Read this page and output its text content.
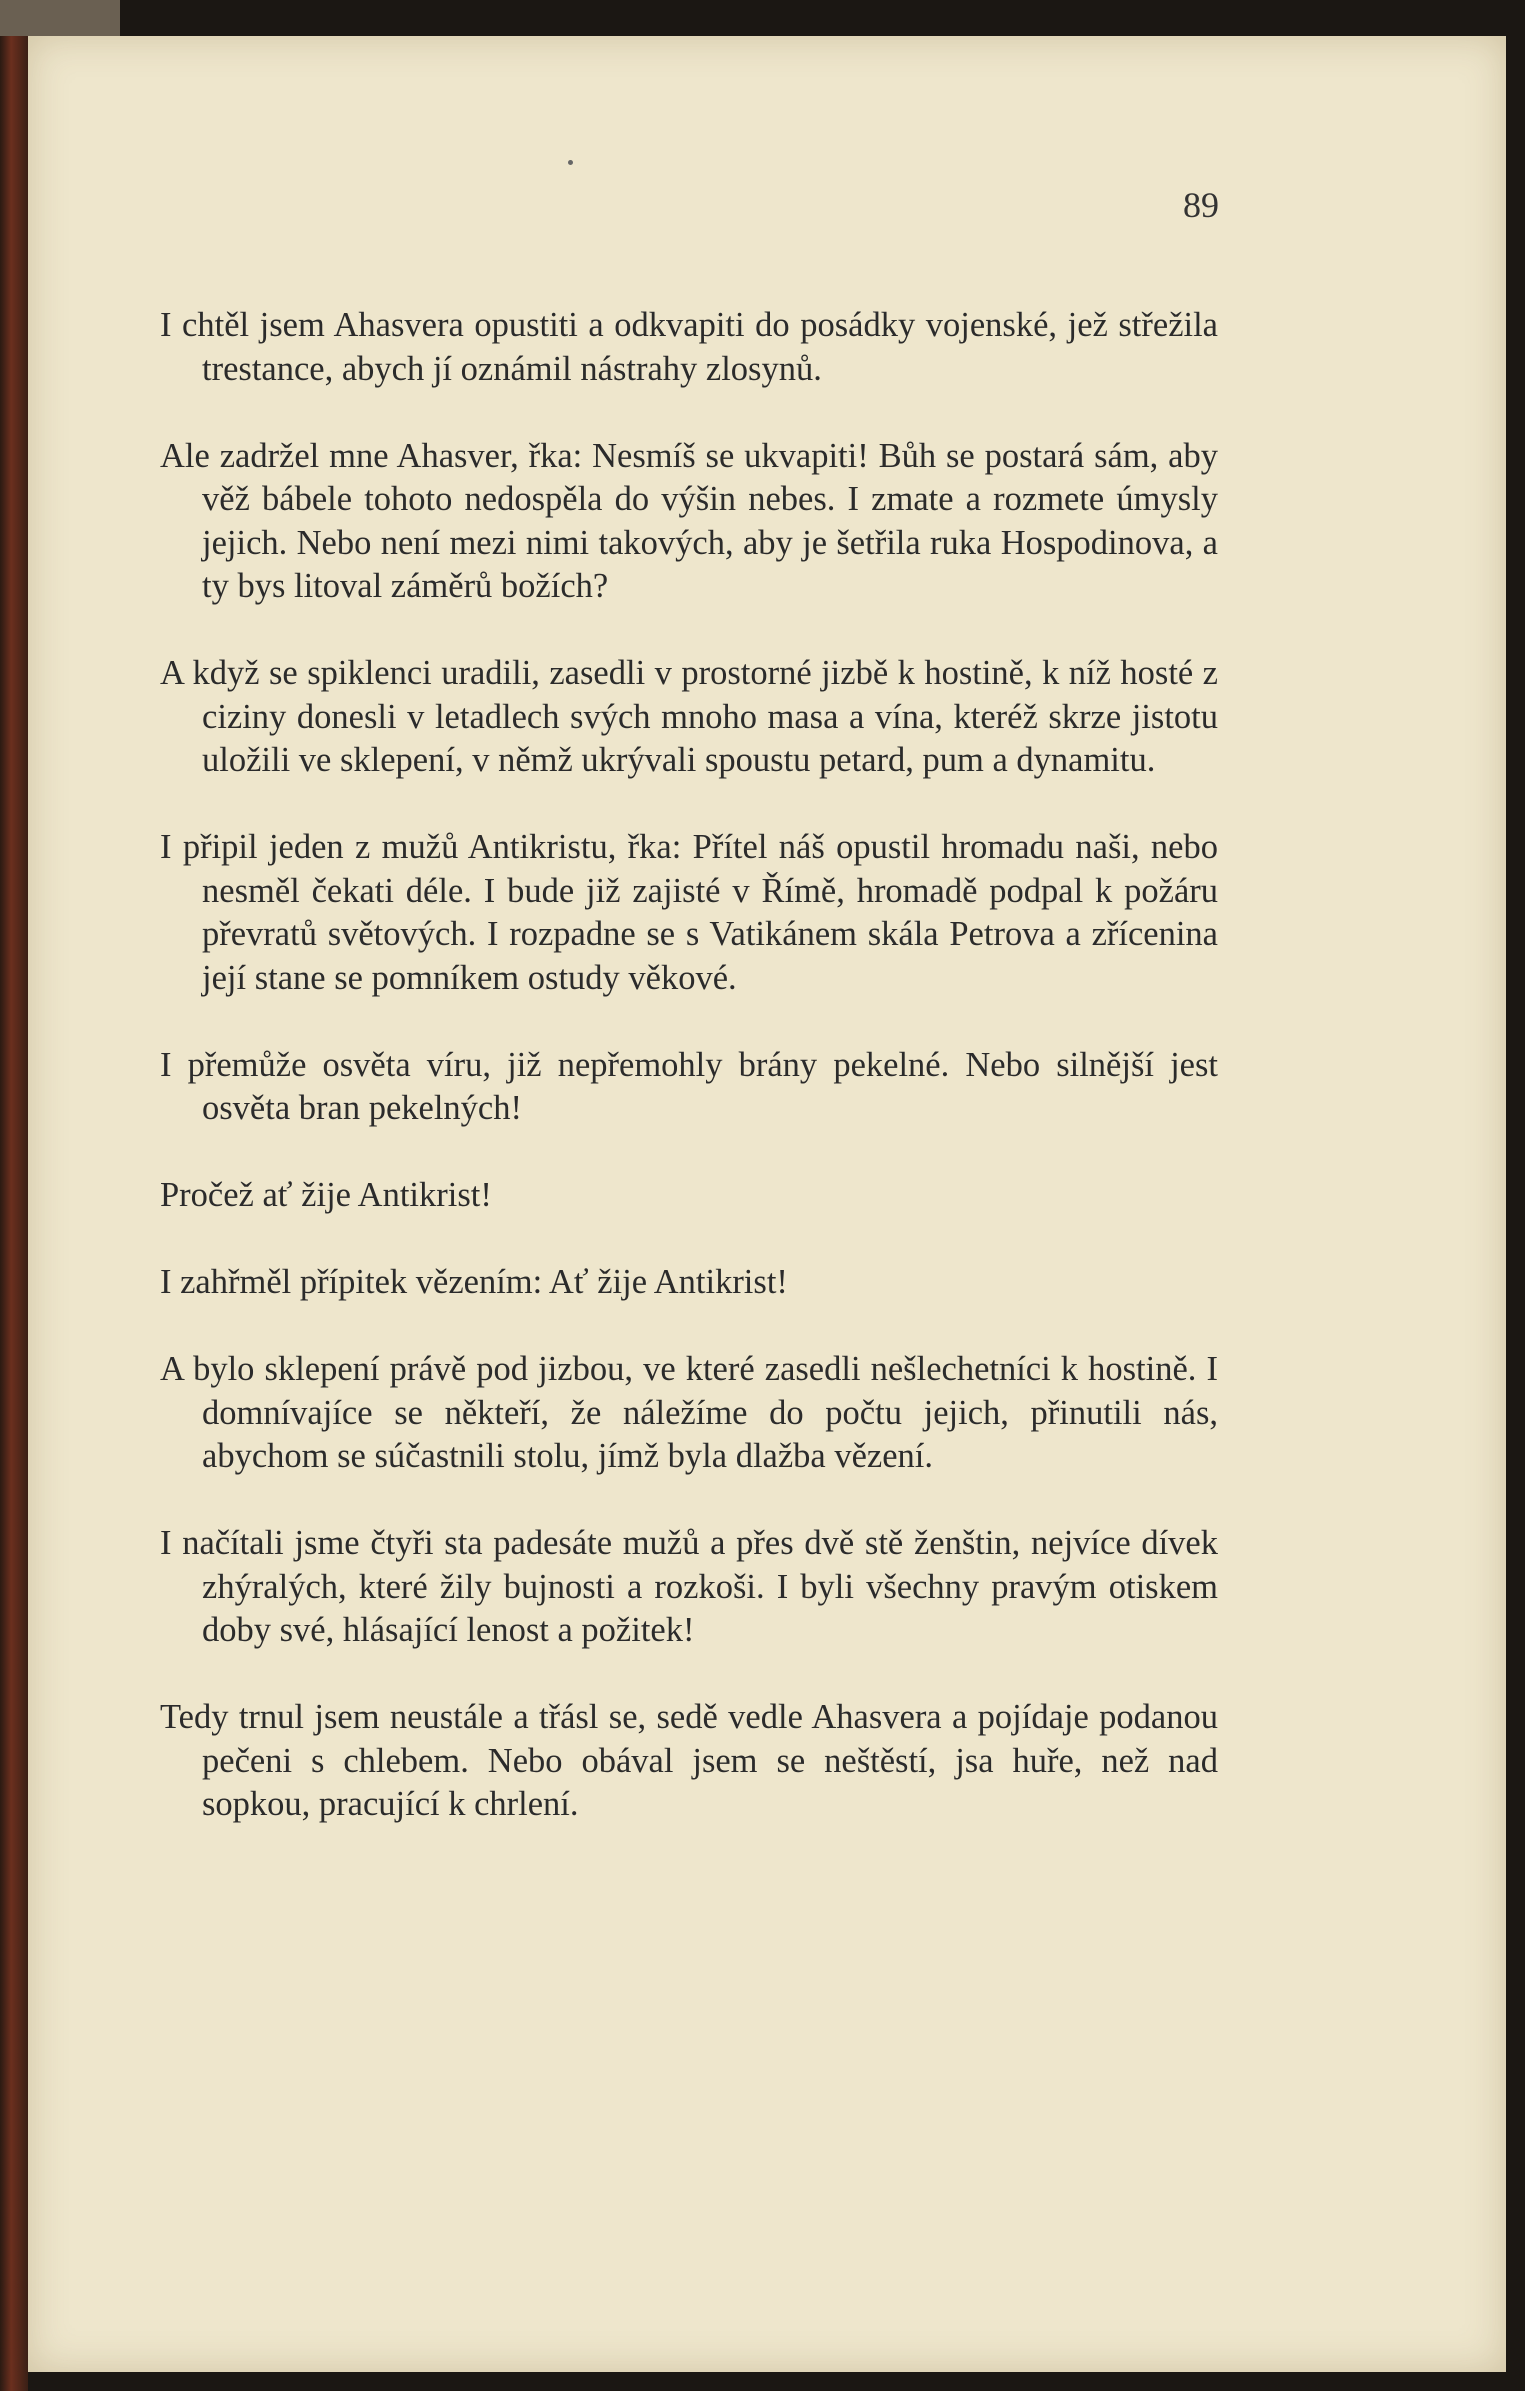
89

I chtěl jsem Ahasvera opustiti a odkvapiti do posádky vojenské, jež střežila trestance, abych jí oznámil nástrahy zlosynů.

Ale zadržel mne Ahasver, řka: Nesmíš se ukvapiti! Bůh se postará sám, aby věž bábele tohoto nedospěla do výšin nebes. I zmate a rozmete úmysly jejich. Nebo není mezi nimi takových, aby je šetřila ruka Hospodinova, a ty bys litoval záměrů božích?

A když se spiklenci uradili, zasedli v prostorné jizbě k hostině, k níž hosté z ciziny donesli v letadlech svých mnoho masa a vína, kteréž skrze jistotu uložili ve sklepení, v němž ukrývali spoustu petard, pum a dynamitu.

I připil jeden z mužů Antikristu, řka: Přítel náš opustil hromadu naši, nebo nesměl čekati déle. I bude již zajisté v Římě, hromadě podpal k požáru převratů světových. I rozpadne se s Vatikánem skála Petrova a zřícenina její stane se pomníkem ostudy věkové.

I přemůže osvěta víru, již nepřemohly brány pekelné. Nebo silnější jest osvěta bran pekelných!

Pročež ať žije Antikrist!

I zahřměl přípitek vězením: Ať žije Antikrist!

A bylo sklepení právě pod jizbou, ve které zasedli nešlechetníci k hostině. I domnívajíce se někteří, že náležíme do počtu jejich, přinutili nás, abychom se súčastnili stolu, jímž byla dlažba vězení.

I načítali jsme čtyři sta padesáte mužů a přes dvě stě ženštin, nejvíce dívek zhýralých, které žily bujnosti a rozkoši. I byli všechny pravým otiskem doby své, hlásající lenost a požitek!

Tedy trnul jsem neustále a třásl se, sedě vedle Ahasvera a pojídaje podanou pečeni s chlebem. Nebo obával jsem se neštěstí, jsa huře, než nad sopkou, pracující k chrlení.
